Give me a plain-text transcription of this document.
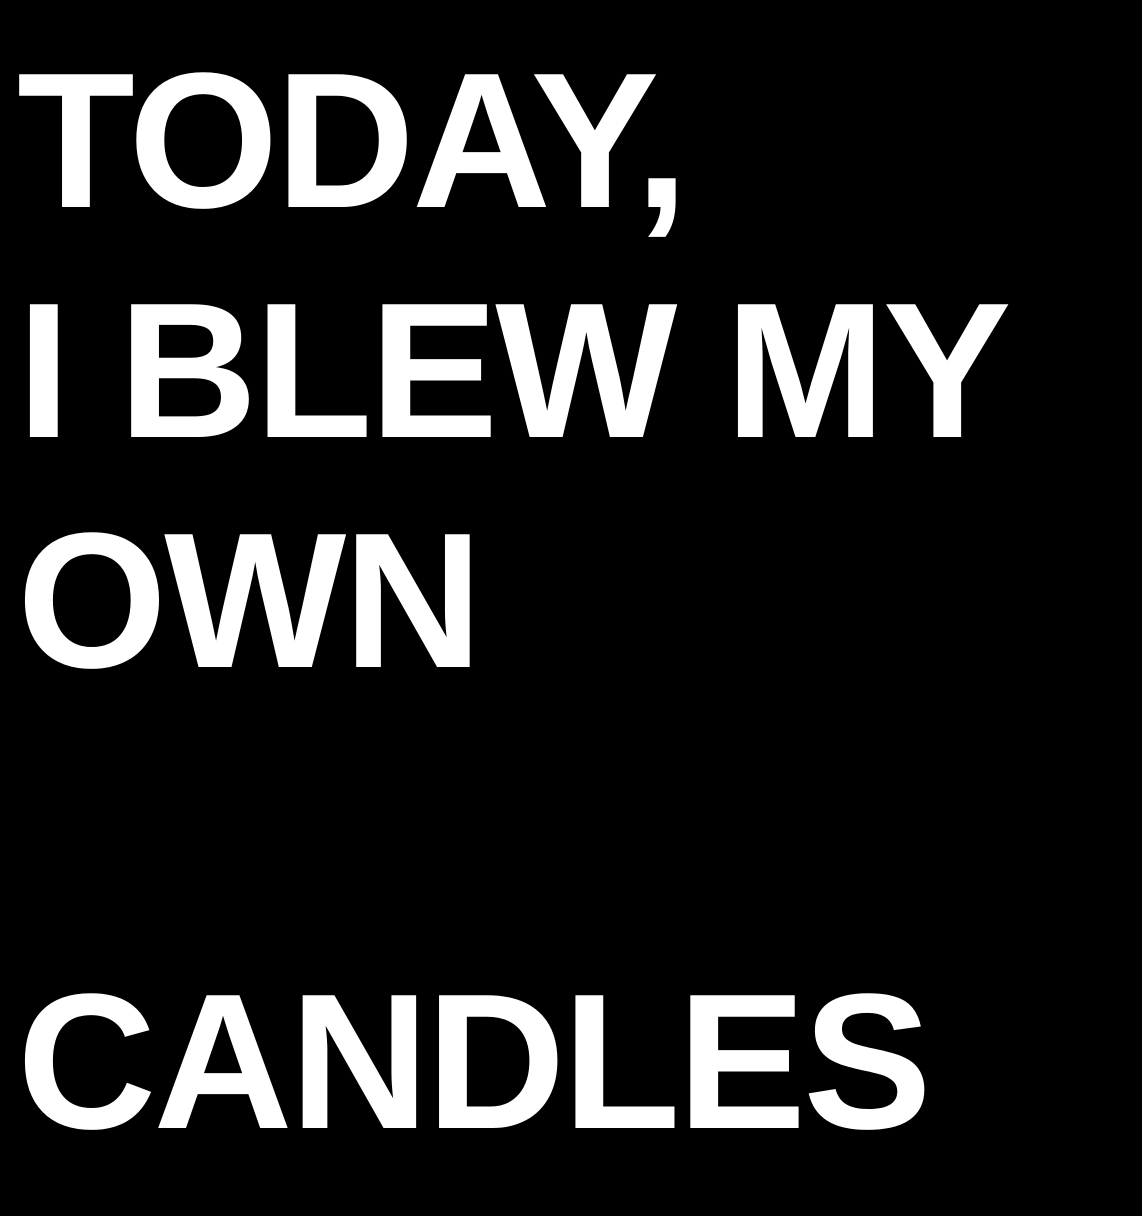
TODAY,

I BLEW MY

OWN

CANDLES
